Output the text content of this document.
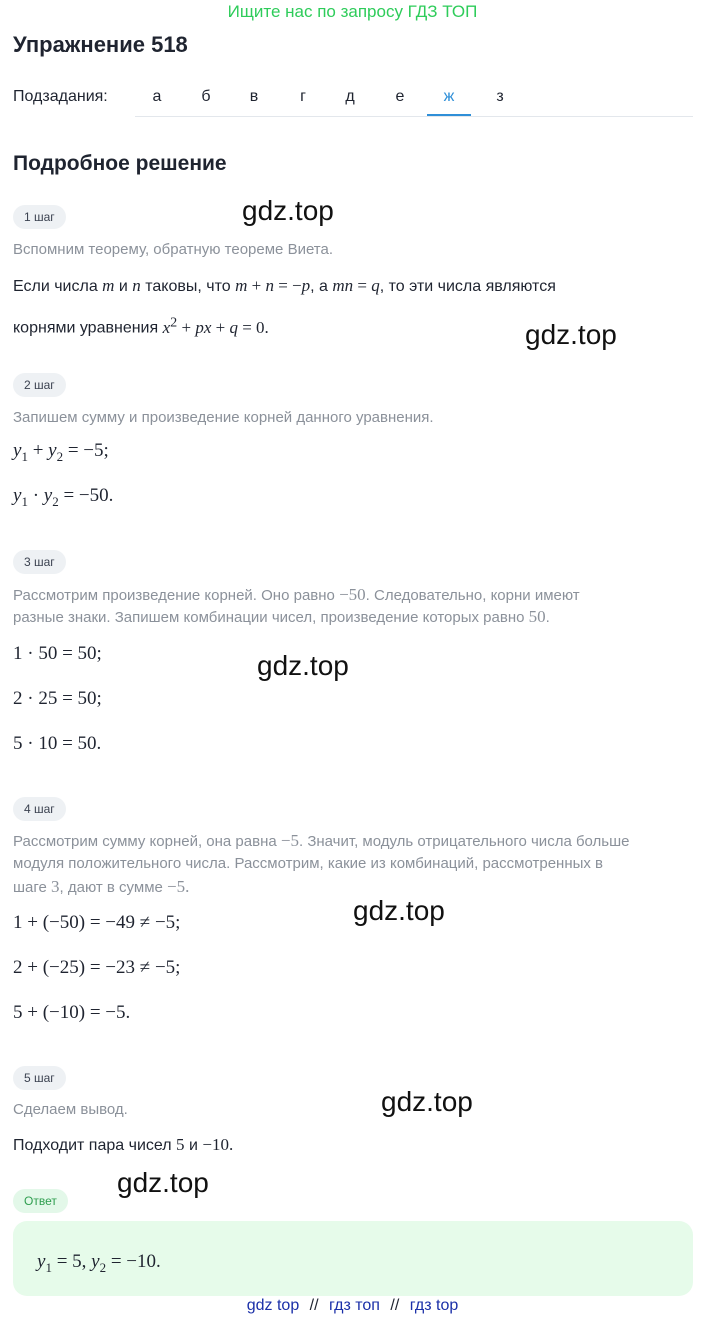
Ищите нас по запросу ГДЗ ТОП
Упражнение 518
Подзадания:	а	б	в	г	д	е	ж	з
Подробное решение
1 шаг
Вспомним теорему, обратную теореме Виета.
Если числа m и n таковы, что m + n = −p, а mn = q, то эти числа являются
корнями уравнения $x^2$ + px + q = 0.
2 шаг
Запишем сумму и произведение корней данного уравнения.
$y_1 + y_2 = -5$;
$y_1 \cdot y_2 = -50$.
3 шаг
Рассмотрим произведение корней. Оно равно −50. Следовательно, корни имеют
разные знаки. Запишем комбинации чисел, произведение которых равно 50.
1 · 50 = 50;
2 · 25 = 50;
5 · 10 = 50.
4 шаг
Рассмотрим сумму корней, она равна −5. Значит, модуль отрицательного числа больше
модуля положительного числа. Рассмотрим, какие из комбинаций, рассмотренных в
шаге 3, дают в сумме −5.
1 + (−50) = −49 ≠ −5;
2 + (−25) = −23 ≠ −5;
5 + (−10) = −5.
5 шаг
Сделаем вывод.
Подходит пара чисел 5 и −10.
Ответ
$y_1 = 5$, $y_2 = -10$.
gdz.top
gdz.top
gdz.top
gdz.top
gdz.top
gdz.top
gdz top // гдз топ // гдз top
